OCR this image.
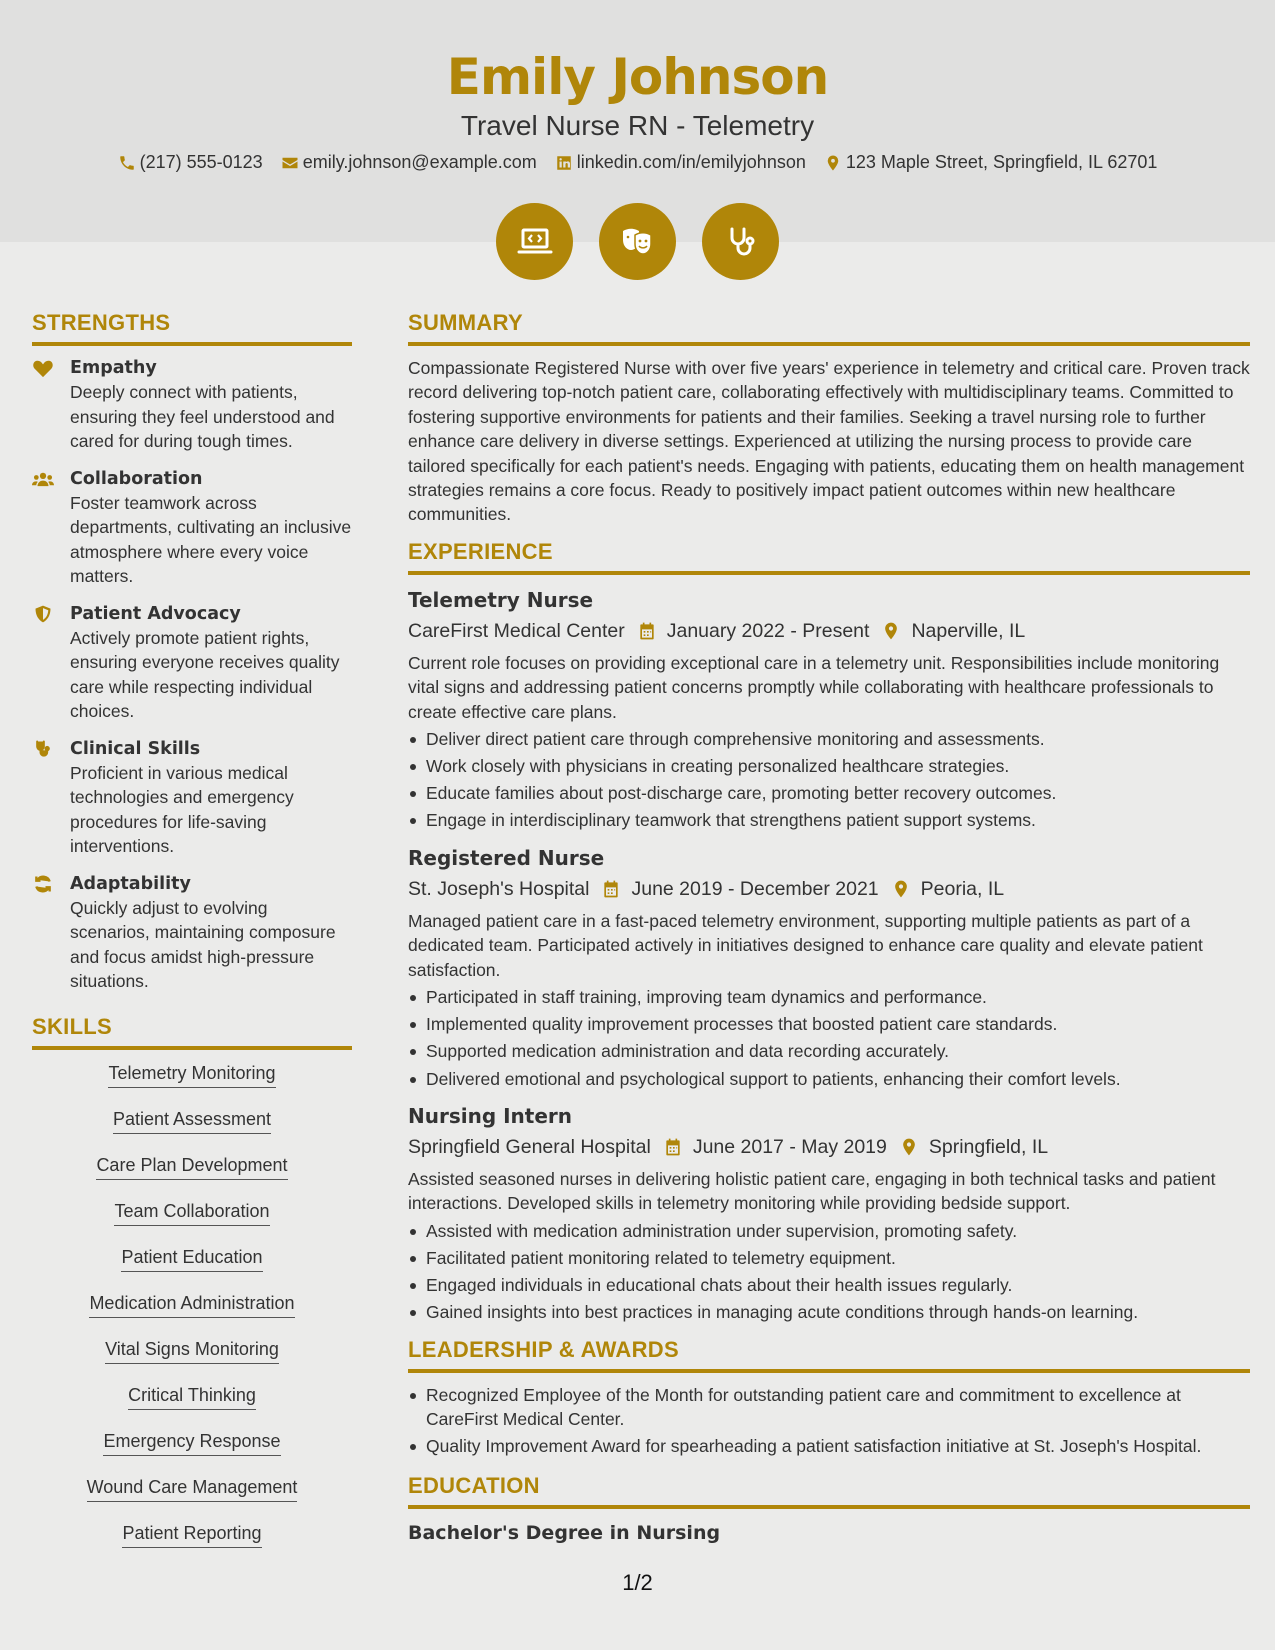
Emily Johnson
Travel Nurse RN - Telemetry
(217) 555-0123 emily.johnson@example.com linkedin.com/in/emilyjohnson 123 Maple Street, Springfield, IL 62701
STRENGTHS
Empathy
Deeply connect with patients, ensuring they feel understood and cared for during tough times.
Collaboration
Foster teamwork across departments, cultivating an inclusive atmosphere where every voice matters.
Patient Advocacy
Actively promote patient rights, ensuring everyone receives quality care while respecting individual choices.
Clinical Skills
Proficient in various medical technologies and emergency procedures for life-saving interventions.
Adaptability
Quickly adjust to evolving scenarios, maintaining composure and focus amidst high-pressure situations.
SKILLS
Telemetry Monitoring
Patient Assessment
Care Plan Development
Team Collaboration
Patient Education
Medication Administration
Vital Signs Monitoring
Critical Thinking
Emergency Response
Wound Care Management
Patient Reporting
SUMMARY
Compassionate Registered Nurse with over five years' experience in telemetry and critical care. Proven track record delivering top-notch patient care, collaborating effectively with multidisciplinary teams. Committed to fostering supportive environments for patients and their families. Seeking a travel nursing role to further enhance care delivery in diverse settings. Experienced at utilizing the nursing process to provide care tailored specifically for each patient's needs. Engaging with patients, educating them on health management strategies remains a core focus. Ready to positively impact patient outcomes within new healthcare communities.
EXPERIENCE
Telemetry Nurse
CareFirst Medical Center January 2022 - Present Naperville, IL
Current role focuses on providing exceptional care in a telemetry unit. Responsibilities include monitoring vital signs and addressing patient concerns promptly while collaborating with healthcare professionals to create effective care plans.
Deliver direct patient care through comprehensive monitoring and assessments.
Work closely with physicians in creating personalized healthcare strategies.
Educate families about post-discharge care, promoting better recovery outcomes.
Engage in interdisciplinary teamwork that strengthens patient support systems.
Registered Nurse
St. Joseph's Hospital June 2019 - December 2021 Peoria, IL
Managed patient care in a fast-paced telemetry environment, supporting multiple patients as part of a dedicated team. Participated actively in initiatives designed to enhance care quality and elevate patient satisfaction.
Participated in staff training, improving team dynamics and performance.
Implemented quality improvement processes that boosted patient care standards.
Supported medication administration and data recording accurately.
Delivered emotional and psychological support to patients, enhancing their comfort levels.
Nursing Intern
Springfield General Hospital June 2017 - May 2019 Springfield, IL
Assisted seasoned nurses in delivering holistic patient care, engaging in both technical tasks and patient interactions. Developed skills in telemetry monitoring while providing bedside support.
Assisted with medication administration under supervision, promoting safety.
Facilitated patient monitoring related to telemetry equipment.
Engaged individuals in educational chats about their health issues regularly.
Gained insights into best practices in managing acute conditions through hands-on learning.
LEADERSHIP & AWARDS
Recognized Employee of the Month for outstanding patient care and commitment to excellence at CareFirst Medical Center.
Quality Improvement Award for spearheading a patient satisfaction initiative at St. Joseph's Hospital.
EDUCATION
Bachelor's Degree in Nursing
1/2
